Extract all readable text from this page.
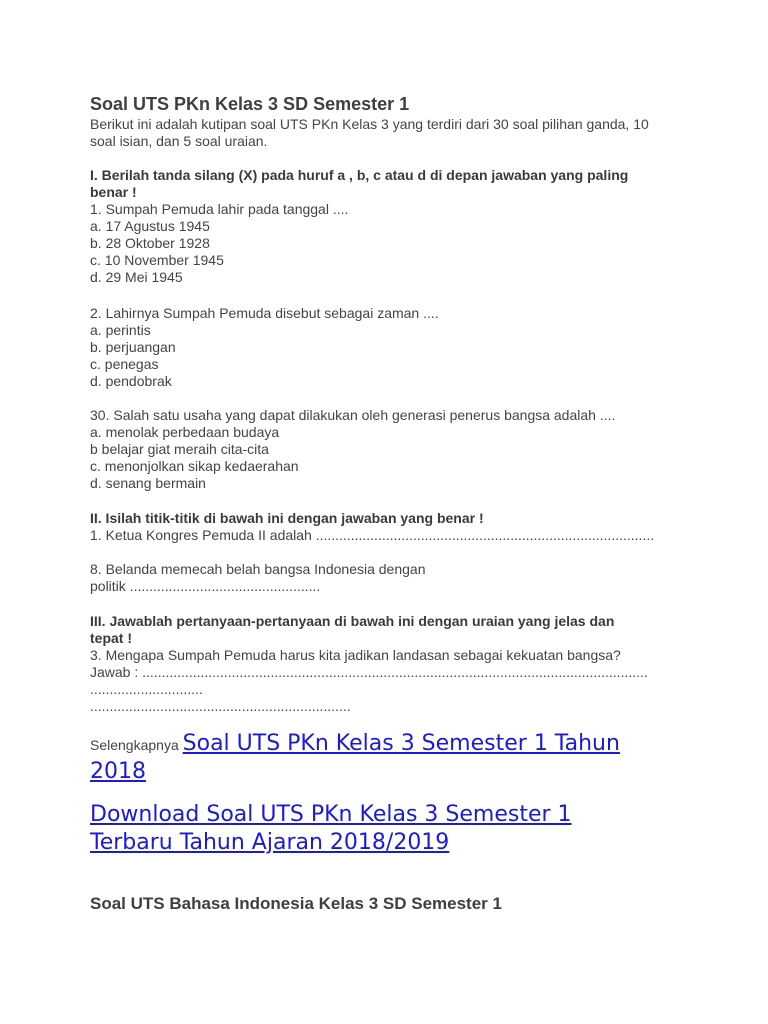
Soal UTS PKn Kelas 3 SD Semester 1
Berikut ini adalah kutipan soal UTS PKn Kelas 3 yang terdiri dari 30 soal pilihan ganda, 10
soal isian, dan 5 soal uraian.
I. Berilah tanda silang (X) pada huruf a , b, c atau d di depan jawaban yang paling
benar !
1. Sumpah Pemuda lahir pada tanggal ....
a. 17 Agustus 1945
b. 28 Oktober 1928
c. 10 November 1945
d. 29 Mei 1945
2. Lahirnya Sumpah Pemuda disebut sebagai zaman ....
a. perintis
b. perjuangan
c. penegas
d. pendobrak
30. Salah satu usaha yang dapat dilakukan oleh generasi penerus bangsa adalah ....
a. menolak perbedaan budaya
b belajar giat meraih cita-cita
c. menonjolkan sikap kedaerahan
d. senang bermain
II. Isilah titik-titik di bawah ini dengan jawaban yang benar !
1. Ketua Kongres Pemuda II adalah .......................................................................................
8. Belanda memecah belah bangsa Indonesia dengan
politik .................................................
III. Jawablah pertanyaan-pertanyaan di bawah ini dengan uraian yang jelas dan
tepat !
3. Mengapa Sumpah Pemuda harus kita jadikan landasan sebagai kekuatan bangsa?
Jawab : ..................................................................................................................................
.............................
...................................................................
Selengkapnya Soal UTS PKn Kelas 3 Semester 1 Tahun
2018
Download Soal UTS PKn Kelas 3 Semester 1
Terbaru Tahun Ajaran 2018/2019
Soal UTS Bahasa Indonesia Kelas 3 SD Semester 1
